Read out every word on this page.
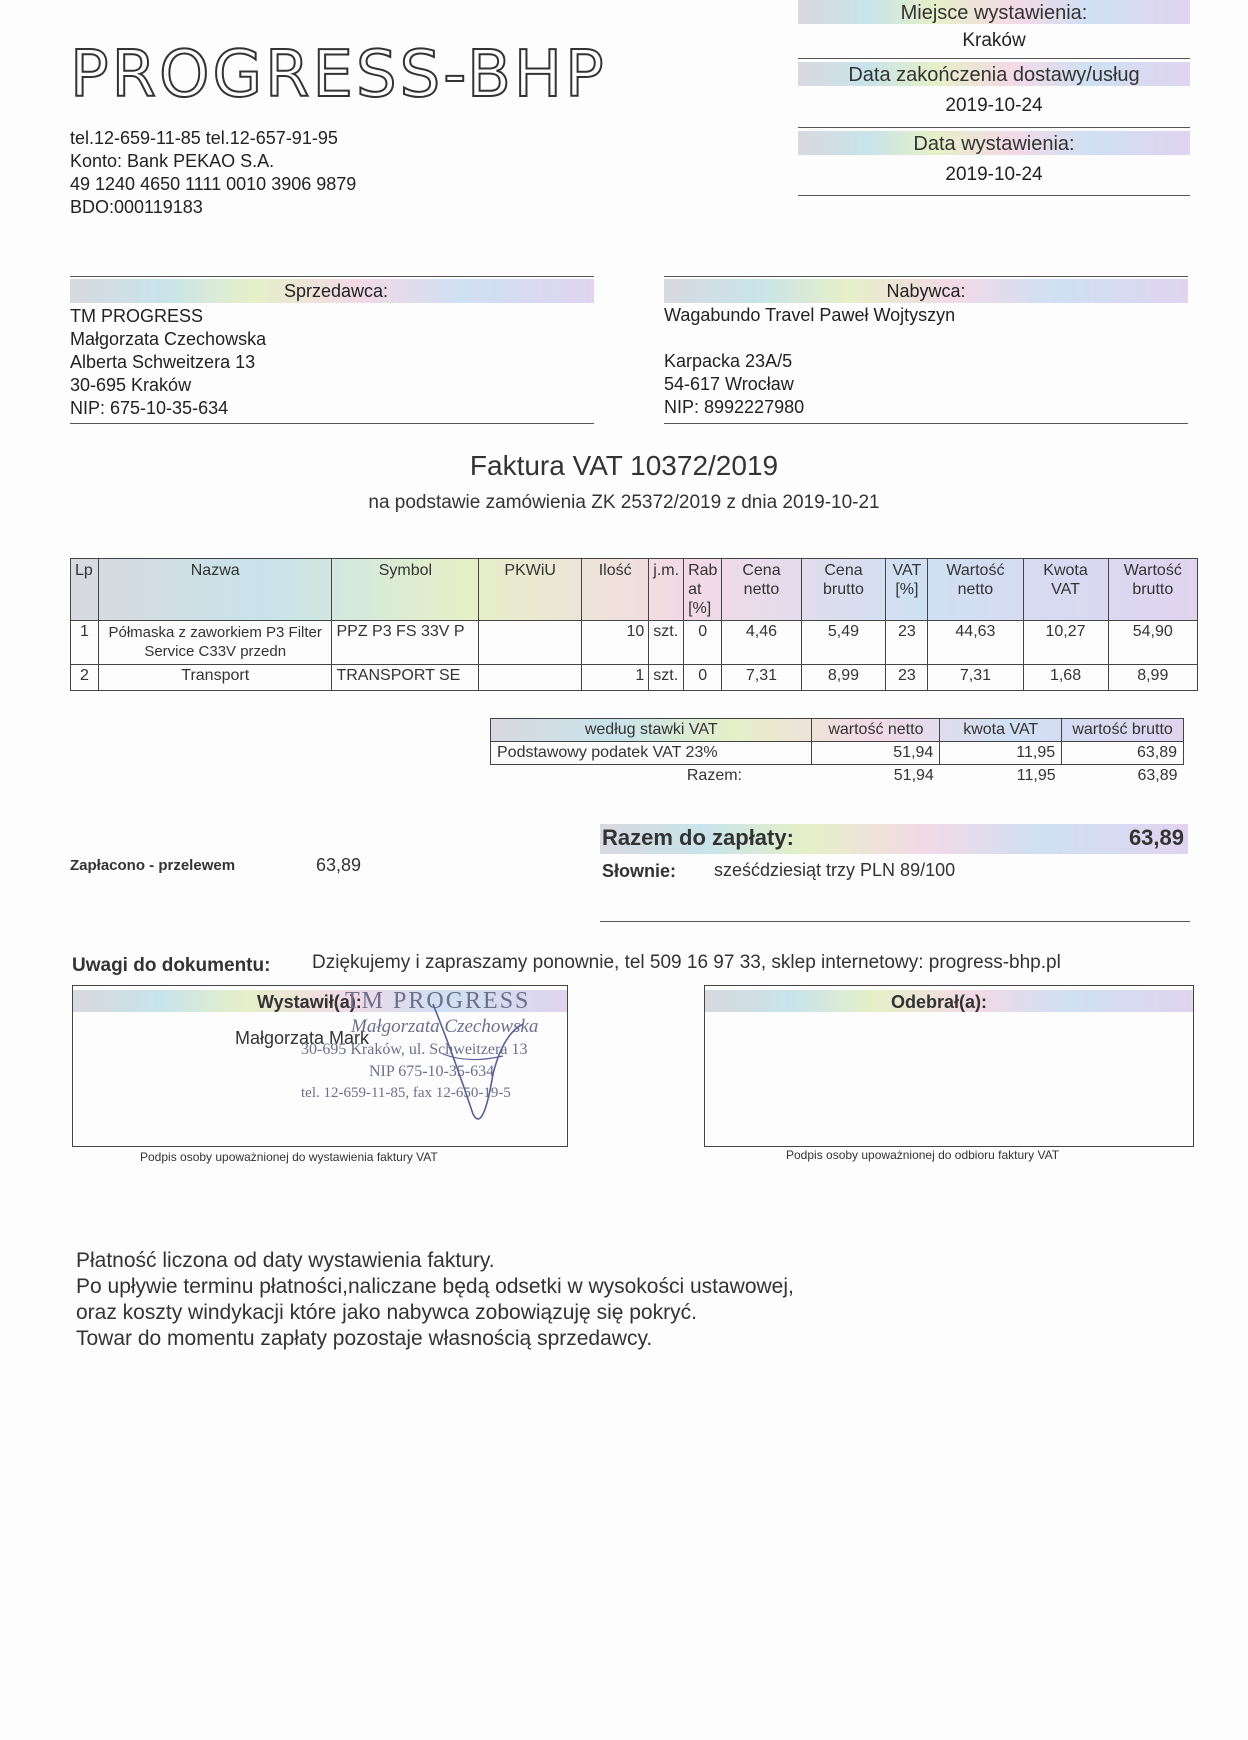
PROGRESS-BHP
tel.12-659-11-85 tel.12-657-91-95
Konto: Bank PEKAO S.A.
49 1240 4650 1111 0010 3906 9879
BDO:000119183
Miejsce wystawienia:
Kraków
Data zakończenia dostawy/usług
2019-10-24
Data wystawienia:
2019-10-24
Sprzedawca:
TM PROGRESS
Małgorzata Czechowska
Alberta Schweitzera 13
30-695 Kraków
NIP: 675-10-35-634
Nabywca:
Wagabundo Travel Paweł Wojtyszyn
Karpacka 23A/5
54-617 Wrocław
NIP: 8992227980
Faktura VAT 10372/2019
na podstawie zamówienia ZK 25372/2019 z dnia 2019-10-21
Lp	Nazwa	Symbol	PKWiU	Ilość	j.m.	Rab at [%]	Cena netto	Cena brutto	VAT [%]	Wartość netto	Kwota VAT	Wartość brutto
1	Półmaska z zaworkiem P3 Filter Service C33V przedn	PPZ P3 FS 33V P		10	szt.	0	4,46	5,49	23	44,63	10,27	54,90
2	Transport	TRANSPORT SE		1	szt.	0	7,31	8,99	23	7,31	1,68	8,99
według stawki VAT	wartość netto	kwota VAT	wartość brutto
Podstawowy podatek VAT 23%	51,94	11,95	63,89
Razem:	51,94	11,95	63,89
Zapłacono - przelewem	63,89
Razem do zapłaty:	63,89
Słownie: sześćdziesiąt trzy PLN 89/100
Uwagi do dokumentu: Dziękujemy i zapraszamy ponownie, tel 509 16 97 33, sklep internetowy: progress-bhp.pl
Wystawił(a):
Małgorzata Mark
TM PROGRESS
Małgorzata Czechowska
30-695 Kraków, ul. Schweitzera 13
NIP 675-10-35-634
tel. 12-659-11-85, fax 12-650-19-5
Podpis osoby upoważnionej do wystawienia faktury VAT
Odebrał(a):
Podpis osoby upoważnionej do odbioru faktury VAT
Płatność liczona od daty wystawienia faktury.
Po upływie terminu płatności,naliczane będą odsetki w wysokości ustawowej,
oraz koszty windykacji które jako nabywca zobowiązuję się pokryć.
Towar do momentu zapłaty pozostaje własnością sprzedawcy.
